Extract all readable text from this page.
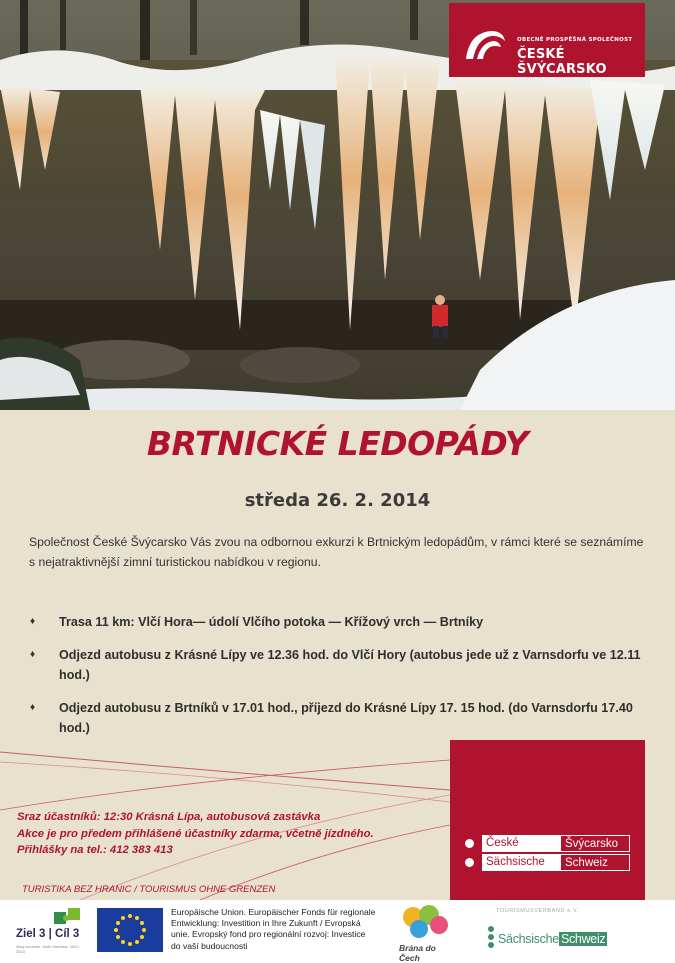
OBECNĚ PROSPĚŠNÁ SPOLEČNOST
ČESKÉ ŠVÝCARSKO
BRTNICKÉ LEDOPÁDY
středa 26. 2. 2014
Společnost České Švýcarsko Vás zvou na odbornou exkurzi k Brtnickým ledopádům, v rámci které se seznámíme s nejatraktivnější zimní turistickou nabídkou v regionu.
♦ Trasa 11 km: Vlčí Hora— údolí Vlčího potoka — Křížový vrch — Brtníky
♦ Odjezd autobusu z Krásné Lípy ve 12.36 hod. do Vlčí Hory (autobus jede už z Varnsdorfu ve 12.11 hod.)
♦ Odjezd autobusu z Brtníků v 17.01 hod., příjezd do Krásné Lípy 17. 15 hod. (do Varnsdorfu 17.40 hod.)
Sraz účastníků: 12:30 Krásná Lípa, autobusová zastávka
Akce je pro předem přihlášené účastníky zdarma, včetně jízdného.
Přihlášky na tel.: 412 383 413
TURISTIKA BEZ HRANIC / TOURISMUS OHNE GRENZEN
České	Švýcarsko
Sächsische	Schweiz
Ziel 3 | Cíl 3
Ahoj sousede. Hallo Nachbar. 2007-2013
Europäische Union. Europäischer Fonds für regionale Entwicklung: Investition in Ihre Zukunft / Evropská unie. Evropský fond pro regionální rozvoj: Investice do vaší budoucnosti	Brána do Čech
TOURISMUSVERBAND e.V.
Sächsische Schweiz
